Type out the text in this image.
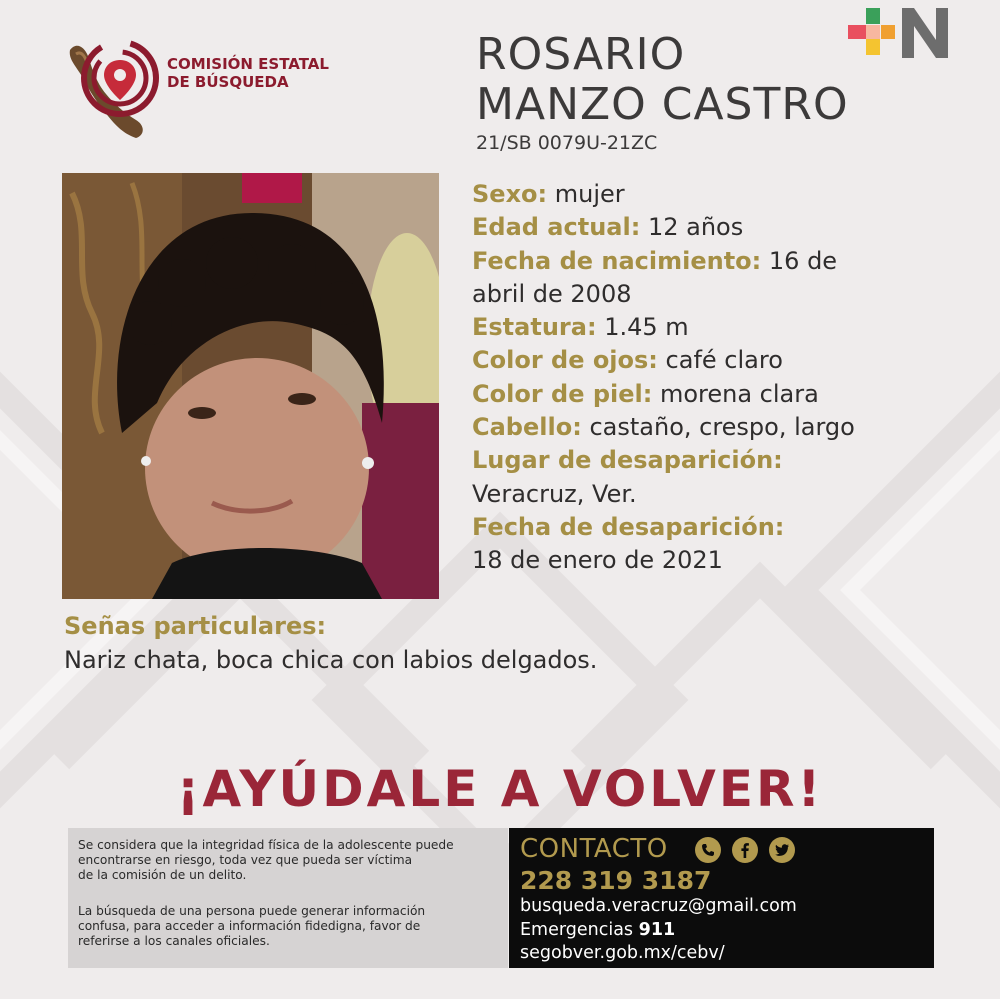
COMISIÓN ESTATAL
DE BÚSQUEDA
ROSARIO
MANZO CASTRO
21/SB 0079U-21ZC
Sexo: mujer
Edad actual: 12 años
Fecha de nacimiento: 16 de
abril de 2008
Estatura: 1.45 m
Color de ojos: café claro
Color de piel: morena clara
Cabello: castaño, crespo, largo
Lugar de desaparición:
Veracruz, Ver.
Fecha de desaparición:
18 de enero de 2021
Señas particulares:
Nariz chata, boca chica con labios delgados.
¡AYÚDALE A VOLVER!
Se considera que la integridad física de la adolescente puede
encontrarse en riesgo, toda vez que pueda ser víctima
de la comisión de un delito.
La búsqueda de una persona puede generar información
confusa, para acceder a información fidedigna, favor de
referirse a los canales oficiales.
CONTACTO
228 319 3187
busqueda.veracruz@gmail.com
Emergencias 911
segobver.gob.mx/cebv/
